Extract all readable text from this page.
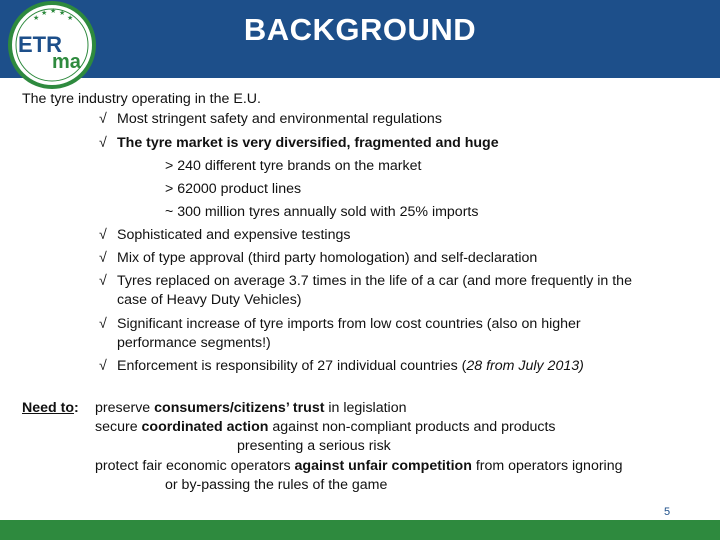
BACKGROUND
★
★ ★ ★
★
ETR
ma
The tyre industry operating in the E.U.
√ Most stringent safety and environmental regulations
√ The tyre market is very diversified, fragmented and huge
> 240 different tyre brands on the market
> 62000 product lines
~ 300 million tyres annually sold with 25% imports
√ Sophisticated and expensive testings
√ Mix of type approval (third party homologation) and self-declaration
√ Tyres replaced on average 3.7 times in the life of a car (and more frequently in the
case of Heavy Duty Vehicles)
√ Significant increase of tyre imports from low cost countries (also on higher
performance segments!)
√ Enforcement is responsibility of 27 individual countries (28 from July 2013)
Need to: preserve consumers/citizens’ trust in legislation
secure coordinated action against non-compliant products and products
presenting a serious risk
protect fair economic operators against unfair competition from operators ignoring
or by-passing the rules of the game
5
